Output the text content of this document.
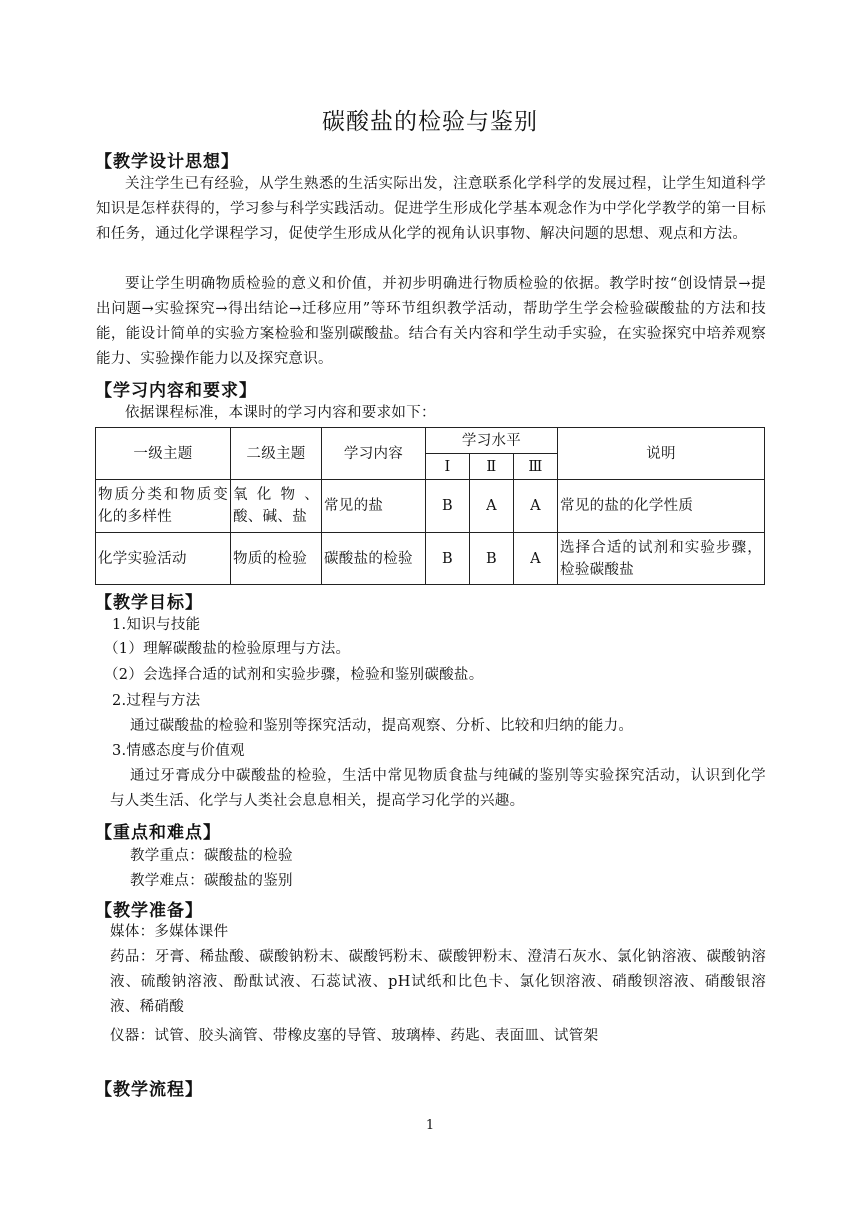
碳酸盐的检验与鉴别
【教学设计思想】
关注学生已有经验，从学生熟悉的生活实际出发，注意联系化学科学的发展过程，让学生知道科学知识是怎样获得的，学习参与科学实践活动。促进学生形成化学基本观念作为中学化学教学的第一目标和任务，通过化学课程学习，促使学生形成从化学的视角认识事物、解决问题的思想、观点和方法。
要让学生明确物质检验的意义和价值，并初步明确进行物质检验的依据。教学时按“创设情景→提出问题→实验探究→得出结论→迁移应用”等环节组织教学活动，帮助学生学会检验碳酸盐的方法和技能，能设计简单的实验方案检验和鉴别碳酸盐。结合有关内容和学生动手实验，在实验探究中培养观察能力、实验操作能力以及探究意识。
【学习内容和要求】
依据课程标准，本课时的学习内容和要求如下：
一级主题	二级主题	学习内容	学习水平			说明
			Ⅰ	Ⅱ	Ⅲ	
物质分类和物质变化的多样性	氧化物、酸、碱、盐	常见的盐	B	A	A	常见的盐的化学性质
化学实验活动	物质的检验	碳酸盐的检验	B	B	A	选择合适的试剂和实验步骤，检验碳酸盐
【教学目标】
1.知识与技能
（1）理解碳酸盐的检验原理与方法。
（2）会选择合适的试剂和实验步骤，检验和鉴别碳酸盐。
2.过程与方法
通过碳酸盐的检验和鉴别等探究活动，提高观察、分析、比较和归纳的能力。
3.情感态度与价值观
通过牙膏成分中碳酸盐的检验，生活中常见物质食盐与纯碱的鉴别等实验探究活动，认识到化学与人类生活、化学与人类社会息息相关，提高学习化学的兴趣。
【重点和难点】
教学重点：碳酸盐的检验
教学难点：碳酸盐的鉴别
【教学准备】
媒体：多媒体课件
药品：牙膏、稀盐酸、碳酸钠粉末、碳酸钙粉末、碳酸钾粉末、澄清石灰水、氯化钠溶液、碳酸钠溶液、硫酸钠溶液、酚酞试液、石蕊试液、pH试纸和比色卡、氯化钡溶液、硝酸钡溶液、硝酸银溶液、稀硝酸
仪器：试管、胶头滴管、带橡皮塞的导管、玻璃棒、药匙、表面皿、试管架
【教学流程】
1
